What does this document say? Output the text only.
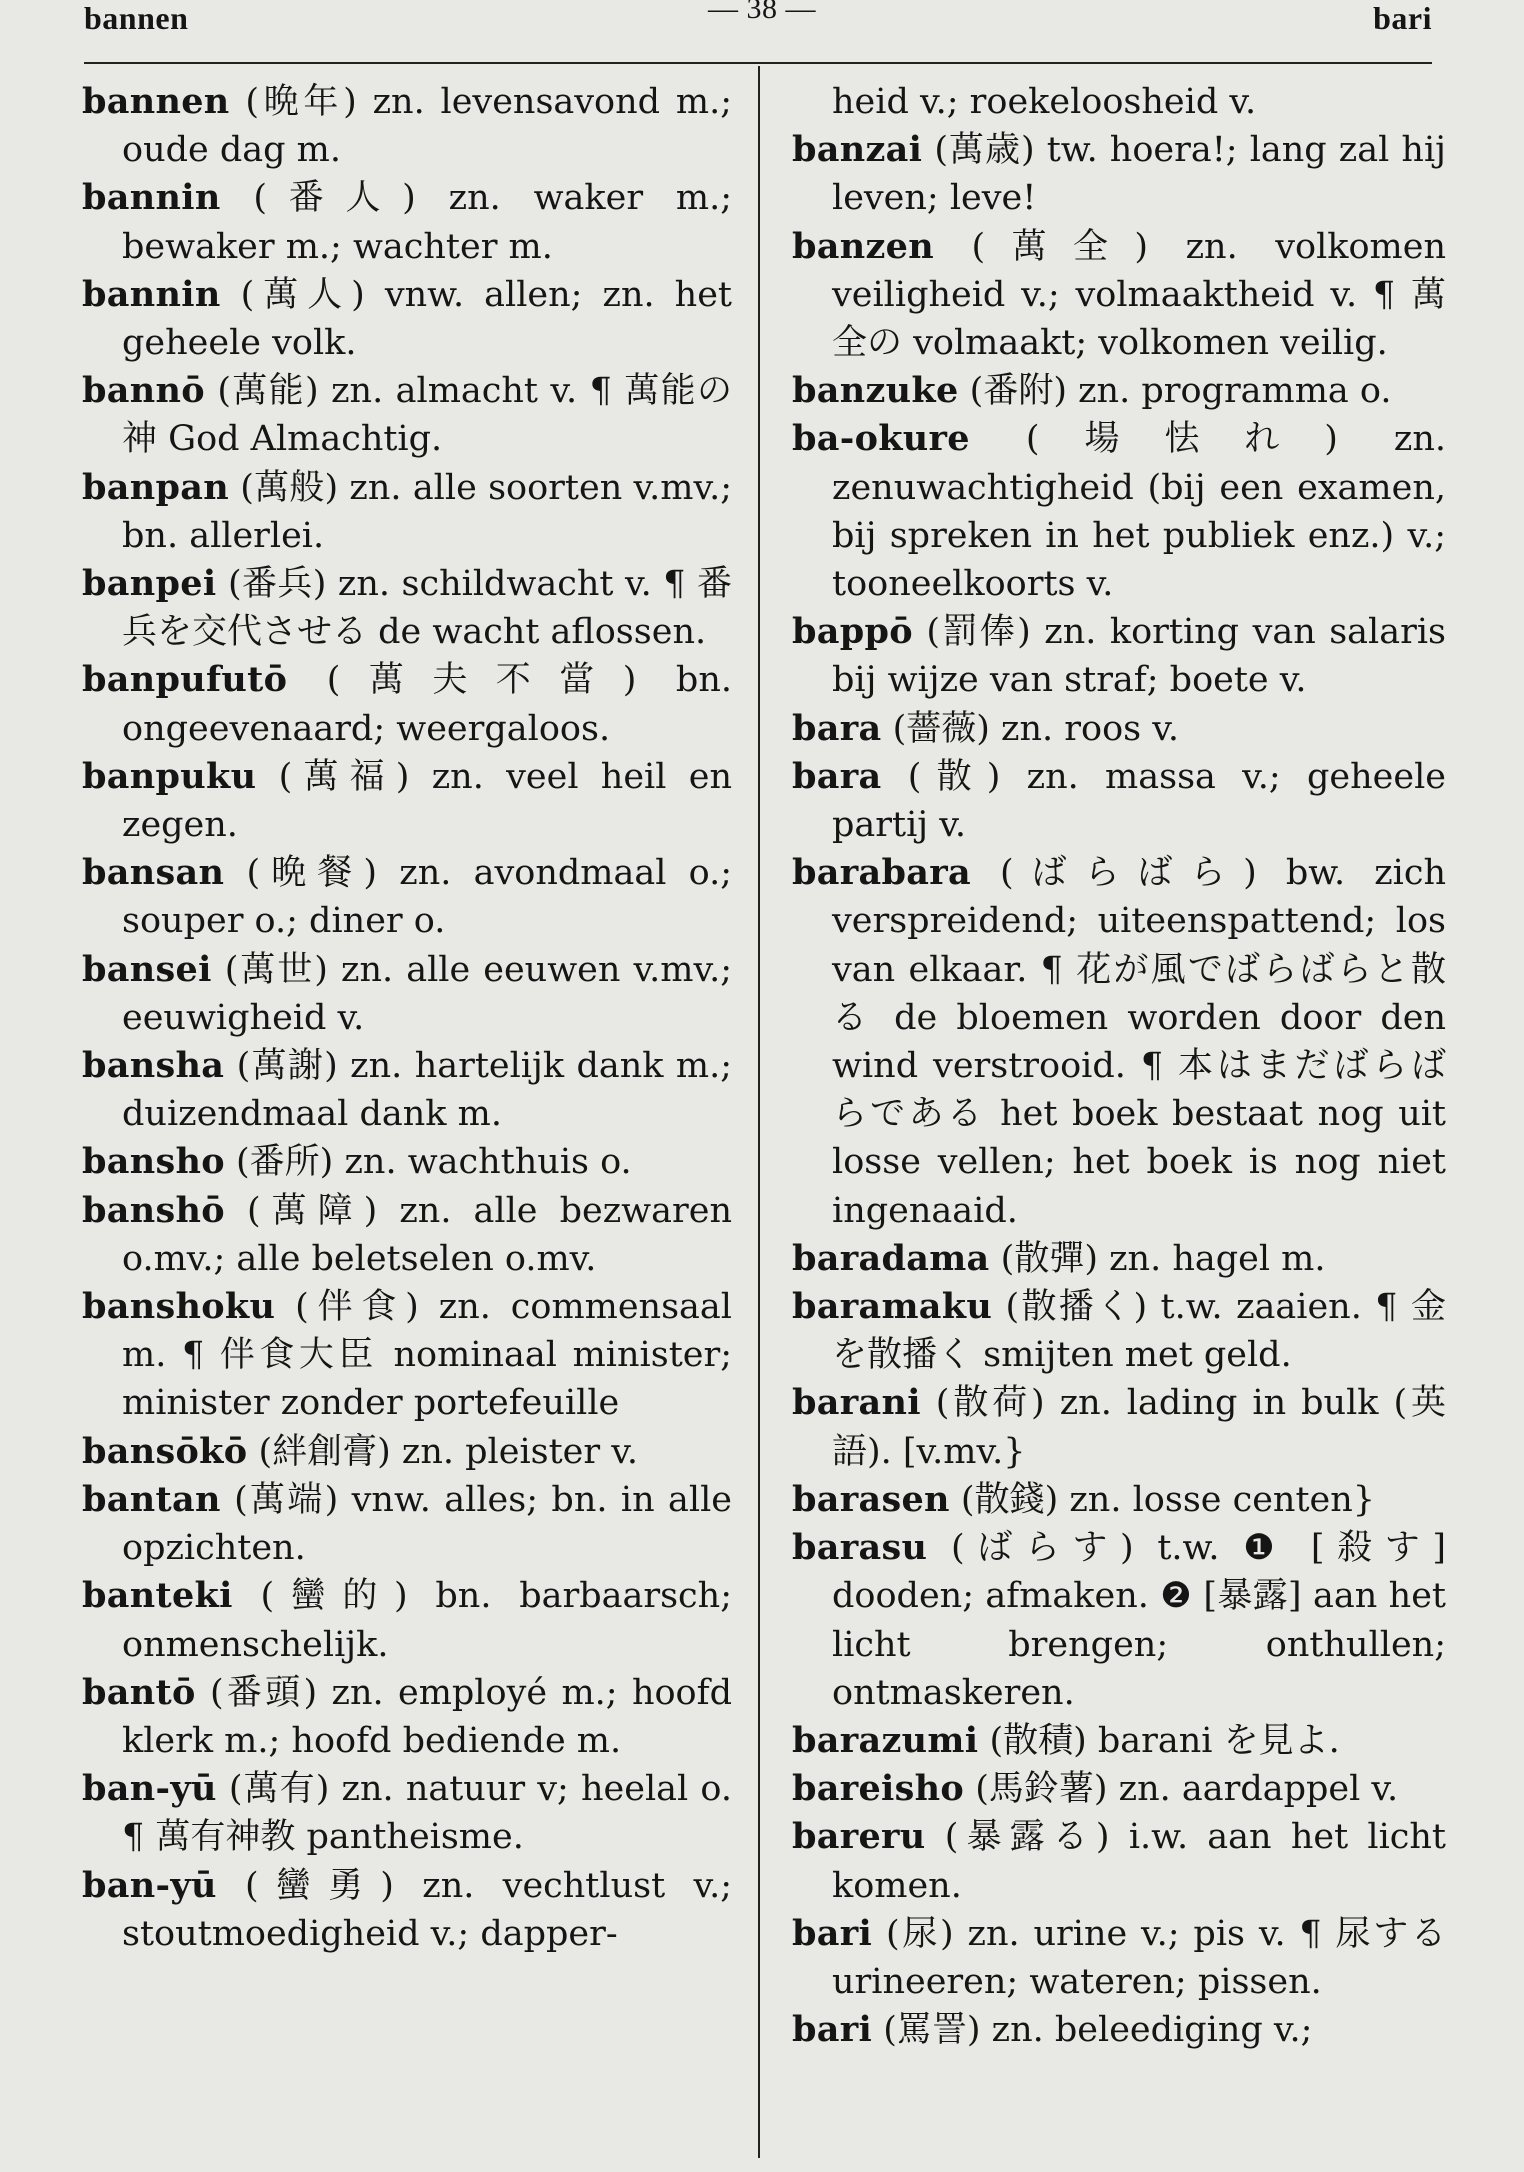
bannen	— 38 —	bari

bannen (晩年) zn. levensavond m.; oude dag m.

bannin (番人) zn. waker m.; bewaker m.; wachter m.

bannin (萬人) vnw. allen; zn. het geheele volk.

bannō (萬能) zn. almacht v. ¶ 萬能の神 God Almachtig.

banpan (萬般) zn. alle soorten v.mv.; bn. allerlei.

banpei (番兵) zn. schildwacht v. ¶ 番兵を交代させる de wacht aflossen.

banpufutō (萬夫不當) bn. ongeevenaard; weergaloos.

banpuku (萬福) zn. veel heil en zegen.

bansan (晩餐) zn. avondmaal o.; souper o.; diner o.

bansei (萬世) zn. alle eeuwen v.mv.; eeuwigheid v.

bansha (萬謝) zn. hartelijk dank m.; duizendmaal dank m.

bansho (番所) zn. wachthuis o.

banshō (萬障) zn. alle bezwaren o.mv.; alle beletselen o.mv.

banshoku (伴食) zn. commensaal m. ¶ 伴食大臣 nominaal minister; minister zonder portefeuille

bansōkō (絆創膏) zn. pleister v.

bantan (萬端) vnw. alles; bn. in alle opzichten.

banteki (蠻的) bn. barbaarsch; onmenschelijk.

bantō (番頭) zn. employé m.; hoofd klerk m.; hoofd bediende m.

ban-yū (萬有) zn. natuur v; heelal o. ¶ 萬有神教 pantheisme.

ban-yū (蠻勇) zn. vechtlust v.; stoutmoedigheid v.; dapper-

heid v.; roekeloosheid v.

banzai (萬歳) tw. hoera!; lang zal hij leven; leve!

banzen (萬全) zn. volkomen veiligheid v.; volmaaktheid v. ¶ 萬全の volmaakt; volkomen veilig.

banzuke (番附) zn. programma o.

ba-okure (場怯れ) zn. zenuwachtigheid (bij een examen, bij spreken in het publiek enz.) v.; tooneelkoorts v.

bappō (罰俸) zn. korting van salaris bij wijze van straf; boete v.

bara (薔薇) zn. roos v.

bara (散) zn. massa v.; geheele partij v.

barabara (ばらばら) bw. zich verspreidend; uiteenspattend; los van elkaar. ¶ 花が風でばらばらと散る de bloemen worden door den wind verstrooid. ¶ 本はまだばらばらである het boek bestaat nog uit losse vellen; het boek is nog niet ingenaaid.

baradama (散彈) zn. hagel m.

baramaku (散播く) t.w. zaaien. ¶ 金を散播く smijten met geld.

barani (散荷) zn. lading in bulk (英語). [v.mv.}

barasen (散錢) zn. losse centen}

barasu (ばらす) t.w. ❶ [殺す] dooden; afmaken. ❷ [暴露] aan het licht brengen; onthullen; ontmaskeren.

barazumi (散積) barani を見よ.

bareisho (馬鈴薯) zn. aardappel v.

bareru (暴露る) i.w. aan het licht komen.

bari (尿) zn. urine v.; pis v. ¶ 尿する urineeren; wateren; pissen.

bari (罵詈) zn. beleediging v.;
